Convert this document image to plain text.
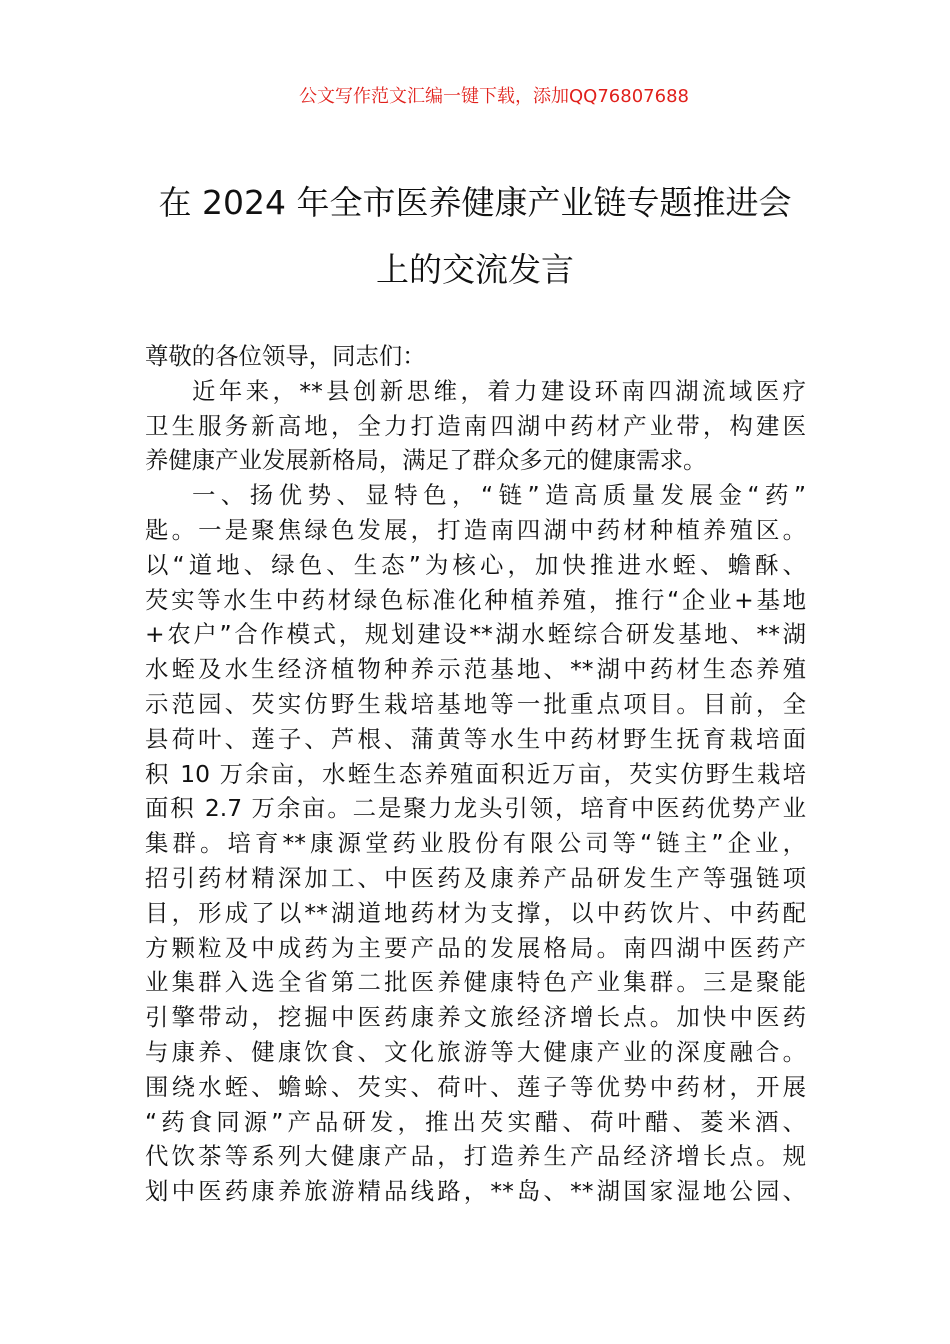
公文写作范文汇编一键下载，添加QQ76807688
在 2024 年全市医养健康产业链专题推进会
上的交流发言
尊敬的各位领导，同志们：
近年来，**县创新思维，着力建设环南四湖流域医疗
卫生服务新高地，全力打造南四湖中药材产业带，构建医
养健康产业发展新格局，满足了群众多元的健康需求。
一、扬优势、显特色，“链”造高质量发展金“药”
匙。一是聚焦绿色发展，打造南四湖中药材种植养殖区。
以“道地、绿色、生态”为核心，加快推进水蛭、蟾酥、
芡实等水生中药材绿色标准化种植养殖，推行“企业+基地
+农户”合作模式，规划建设**湖水蛭综合研发基地、**湖
水蛭及水生经济植物种养示范基地、**湖中药材生态养殖
示范园、芡实仿野生栽培基地等一批重点项目。目前，全
县荷叶、莲子、芦根、蒲黄等水生中药材野生抚育栽培面
积 10 万余亩，水蛭生态养殖面积近万亩，芡实仿野生栽培
面积 2.7 万余亩。二是聚力龙头引领，培育中医药优势产业
集群。培育**康源堂药业股份有限公司等“链主”企业，
招引药材精深加工、中医药及康养产品研发生产等强链项
目，形成了以**湖道地药材为支撑，以中药饮片、中药配
方颗粒及中成药为主要产品的发展格局。南四湖中医药产
业集群入选全省第二批医养健康特色产业集群。三是聚能
引擎带动，挖掘中医药康养文旅经济增长点。加快中医药
与康养、健康饮食、文化旅游等大健康产业的深度融合。
围绕水蛭、蟾蜍、芡实、荷叶、莲子等优势中药材，开展
“药食同源”产品研发，推出芡实醋、荷叶醋、菱米酒、
代饮茶等系列大健康产品，打造养生产品经济增长点。规
划中医药康养旅游精品线路，**岛、**湖国家湿地公园、
